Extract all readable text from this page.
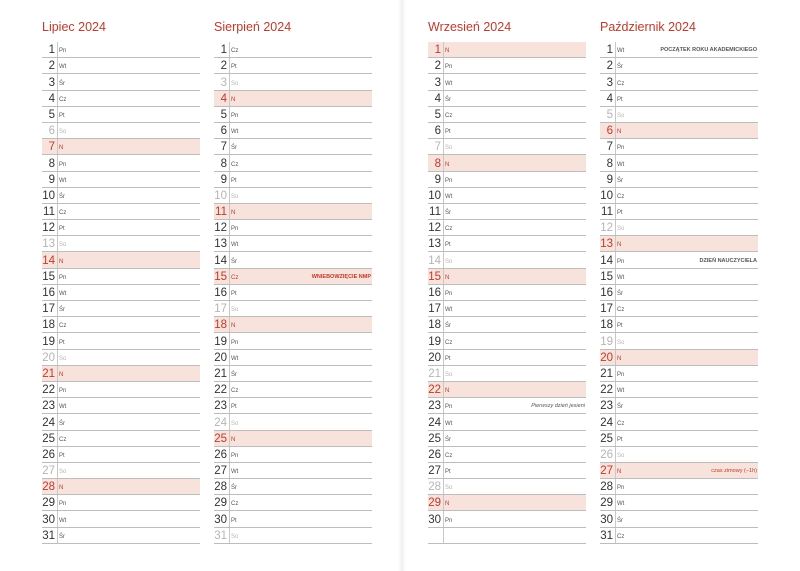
Lipiec 2024
1 Pn
2 Wt
3 Śr
4 Cz
5 Pt
6 So
7 N
8 Pn
9 Wt
10 Śr
11 Cz
12 Pt
13 So
14 N
15 Pn
16 Wt
17 Śr
18 Cz
19 Pt
20 So
21 N
22 Pn
23 Wt
24 Śr
25 Cz
26 Pt
27 So
28 N
29 Pn
30 Wt
31 Śr
Sierpień 2024
1 Cz
2 Pt
3 So
4 N
5 Pn
6 Wt
7 Śr
8 Cz
9 Pt
10 So
11 N
12 Pn
13 Wt
14 Śr
15 Cz	WNIEBOWZIĘCIE NMP
16 Pt
17 So
18 N
19 Pn
20 Wt
21 Śr
22 Cz
23 Pt
24 So
25 N
26 Pn
27 Wt
28 Śr
29 Cz
30 Pt
31 So
Wrzesień 2024
1 N
2 Pn
3 Wt
4 Śr
5 Cz
6 Pt
7 So
8 N
9 Pn
10 Wt
11 Śr
12 Cz
13 Pt
14 So
15 N
16 Pn
17 Wt
18 Śr
19 Cz
20 Pt
21 So
22 N
23 Pn	Pierwszy dzień jesieni
24 Wt
25 Śr
26 Cz
27 Pt
28 So
29 N
30 Pn
Październik 2024
1 Wt	POCZĄTEK ROKU AKADEMICKIEGO
2 Śr
3 Cz
4 Pt
5 So
6 N
7 Pn
8 Wt
9 Śr
10 Cz
11 Pt
12 So
13 N
14 Pn	DZIEŃ NAUCZYCIELA
15 Wt
16 Śr
17 Cz
18 Pt
19 So
20 N
21 Pn
22 Wt
23 Śr
24 Cz
25 Pt
26 So
27 N	czas zimowy (−1h)
28 Pn
29 Wt
30 Śr
31 Cz
